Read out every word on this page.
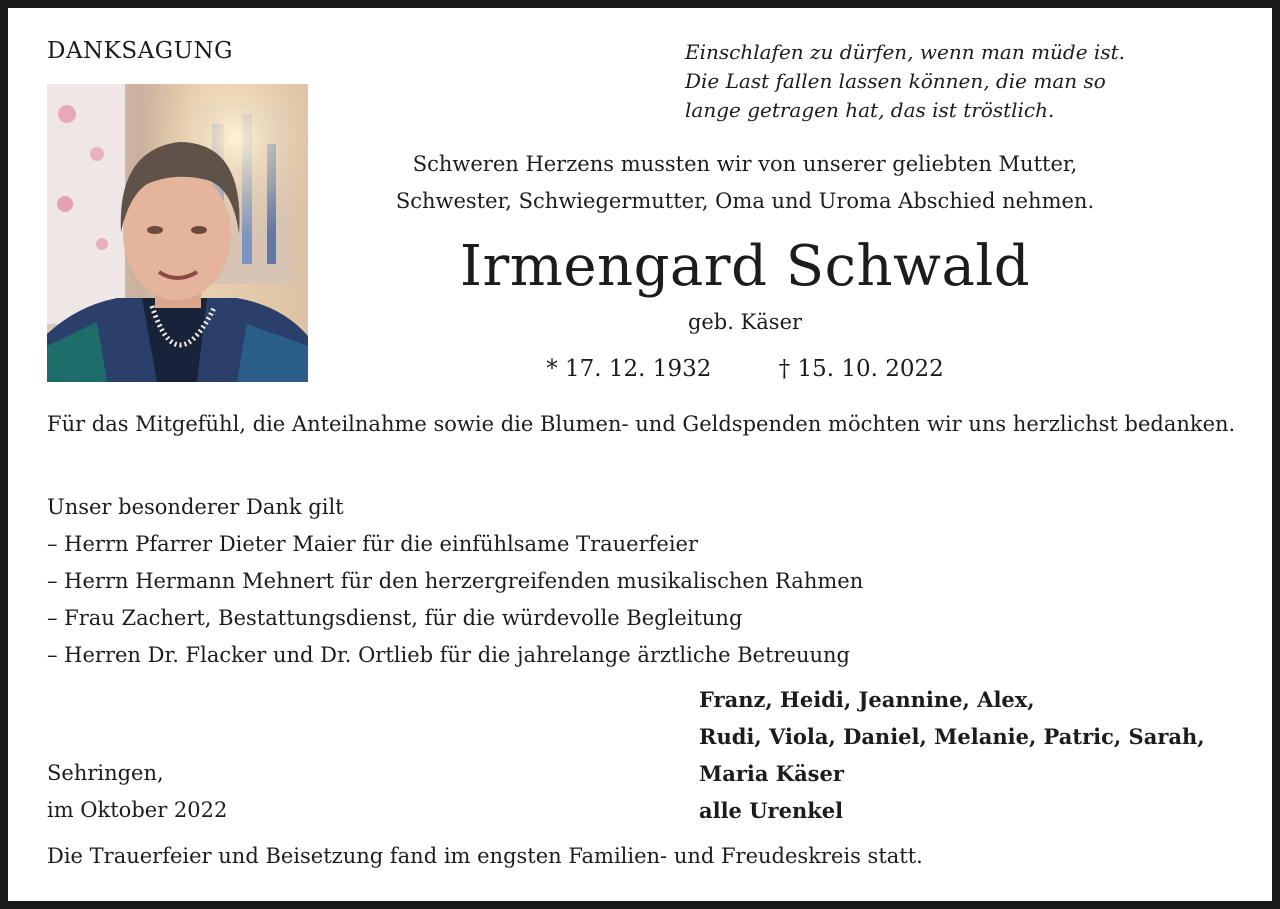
DANKSAGUNG	Einschlafen zu dürfen, wenn man müde ist.
Die Last fallen lassen können, die man so
lange getragen hat, das ist tröstlich.
Schweren Herzens mussten wir von unserer geliebten Mutter,
Schwester, Schwiegermutter, Oma und Uroma Abschied nehmen.
Irmengard Schwald
geb. Käser
* 17. 12. 1932	† 15. 10. 2022
Für das Mitgefühl, die Anteilnahme sowie die Blumen- und Geldspenden möchten wir uns herzlichst bedanken.
Unser besonderer Dank gilt
– Herrn Pfarrer Dieter Maier für die einfühlsame Trauerfeier
– Herrn Hermann Mehnert für den herzergreifenden musikalischen Rahmen
– Frau Zachert, Bestattungsdienst, für die würdevolle Begleitung
– Herren Dr. Flacker und Dr. Ortlieb für die jahrelange ärztliche Betreuung
Franz, Heidi, Jeannine, Alex,
Rudi, Viola, Daniel, Melanie, Patric, Sarah,
Maria Käser
alle Urenkel
Sehringen,
im Oktober 2022
Die Trauerfeier und Beisetzung fand im engsten Familien- und Freudeskreis statt.
